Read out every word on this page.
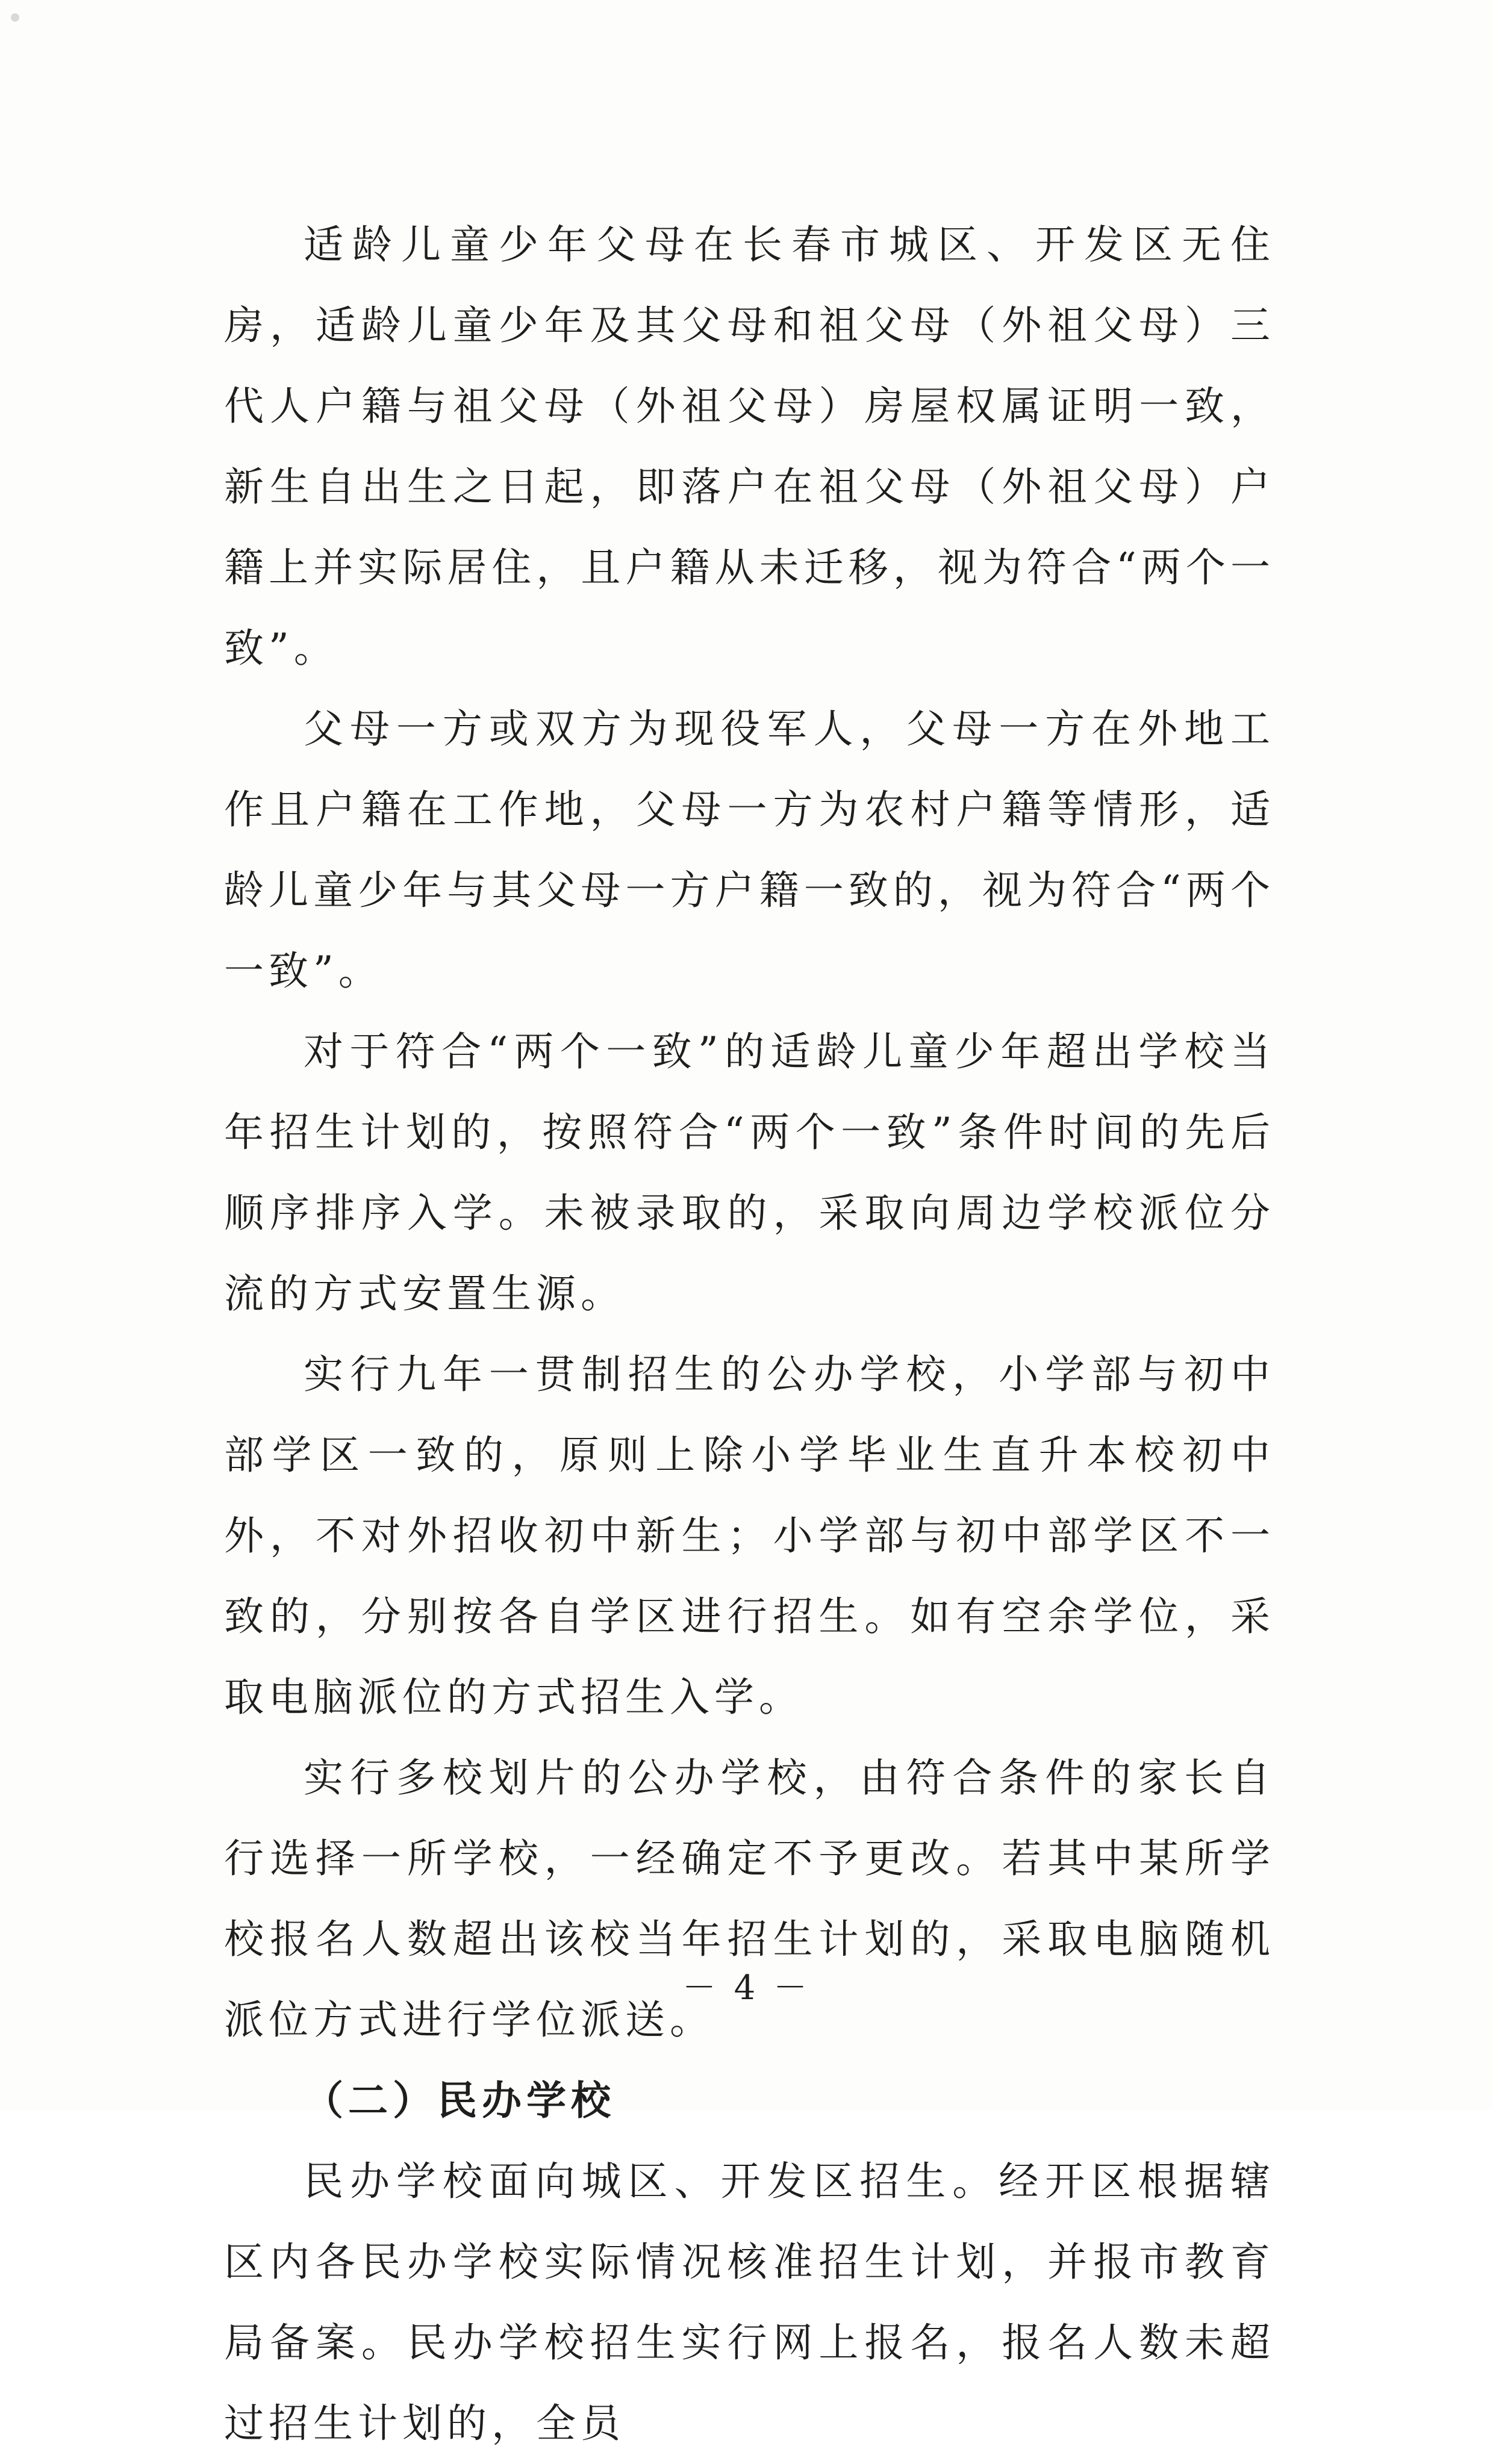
适龄儿童少年父母在长春市城区、开发区无住房，适龄儿童少年及其父母和祖父母（外祖父母）三代人户籍与祖父母（外祖父母）房屋权属证明一致，新生自出生之日起，即落户在祖父母（外祖父母）户籍上并实际居住，且户籍从未迁移，视为符合“两个一致”。

父母一方或双方为现役军人，父母一方在外地工作且户籍在工作地，父母一方为农村户籍等情形，适龄儿童少年与其父母一方户籍一致的，视为符合“两个一致”。

对于符合“两个一致”的适龄儿童少年超出学校当年招生计划的，按照符合“两个一致”条件时间的先后顺序排序入学。未被录取的，采取向周边学校派位分流的方式安置生源。

实行九年一贯制招生的公办学校，小学部与初中部学区一致的，原则上除小学毕业生直升本校初中外，不对外招收初中新生；小学部与初中部学区不一致的，分别按各自学区进行招生。如有空余学位，采取电脑派位的方式招生入学。

实行多校划片的公办学校，由符合条件的家长自行选择一所学校，一经确定不予更改。若其中某所学校报名人数超出该校当年招生计划的，采取电脑随机派位方式进行学位派送。

（二）民办学校

民办学校面向城区、开发区招生。经开区根据辖区内各民办学校实际情况核准招生计划，并报市教育局备案。民办学校招生实行网上报名，报名人数未超过招生计划的，全员

－ 4 －
